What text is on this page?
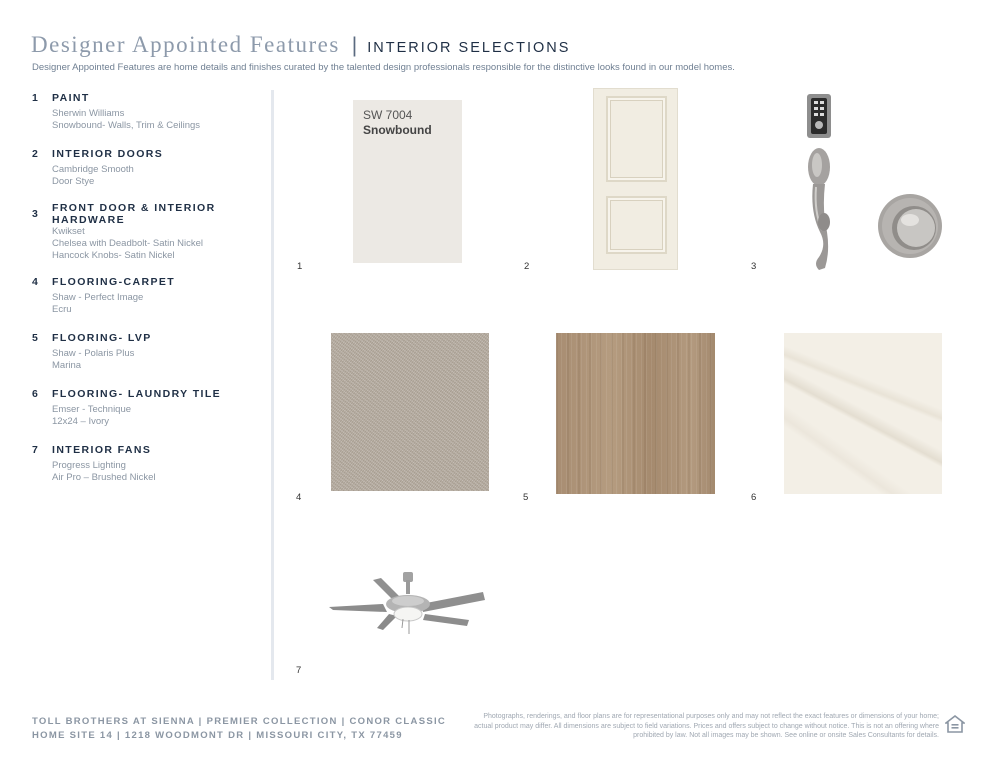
Designer Appointed Features | INTERIOR SELECTIONS
Designer Appointed Features are home details and finishes curated by the talented design professionals responsible for the distinctive looks found in our model homes.
1 PAINT
Sherwin Williams
Snowbound- Walls, Trim & Ceilings
2 INTERIOR DOORS
Cambridge Smooth
Door Stye
3 FRONT DOOR & INTERIOR HARDWARE
Kwikset
Chelsea with Deadbolt- Satin Nickel
Hancock Knobs- Satin Nickel
4 FLOORING-CARPET
Shaw - Perfect Image
Ecru
5 FLOORING- LVP
Shaw - Polaris Plus
Marina
6 FLOORING- LAUNDRY TILE
Emser - Technique
12x24 – Ivory
7 INTERIOR FANS
Progress Lighting
Air Pro – Brushed Nickel
SW 7004
Snowbound
1	2	3
4	5	6
7
TOLL BROTHERS AT SIENNA | PREMIER COLLECTION | CONOR CLASSIC
HOME SITE 14 | 1218 WOODMONT DR | MISSOURI CITY, TX 77459
Photographs, renderings, and floor plans are for representational purposes only and may not reflect the exact features or dimensions of your home; actual product may differ. All dimensions are subject to field variations. Prices and offers subject to change without notice. This is not an offering where prohibited by law. Not all images may be shown. See online or onsite Sales Consultants for details.
